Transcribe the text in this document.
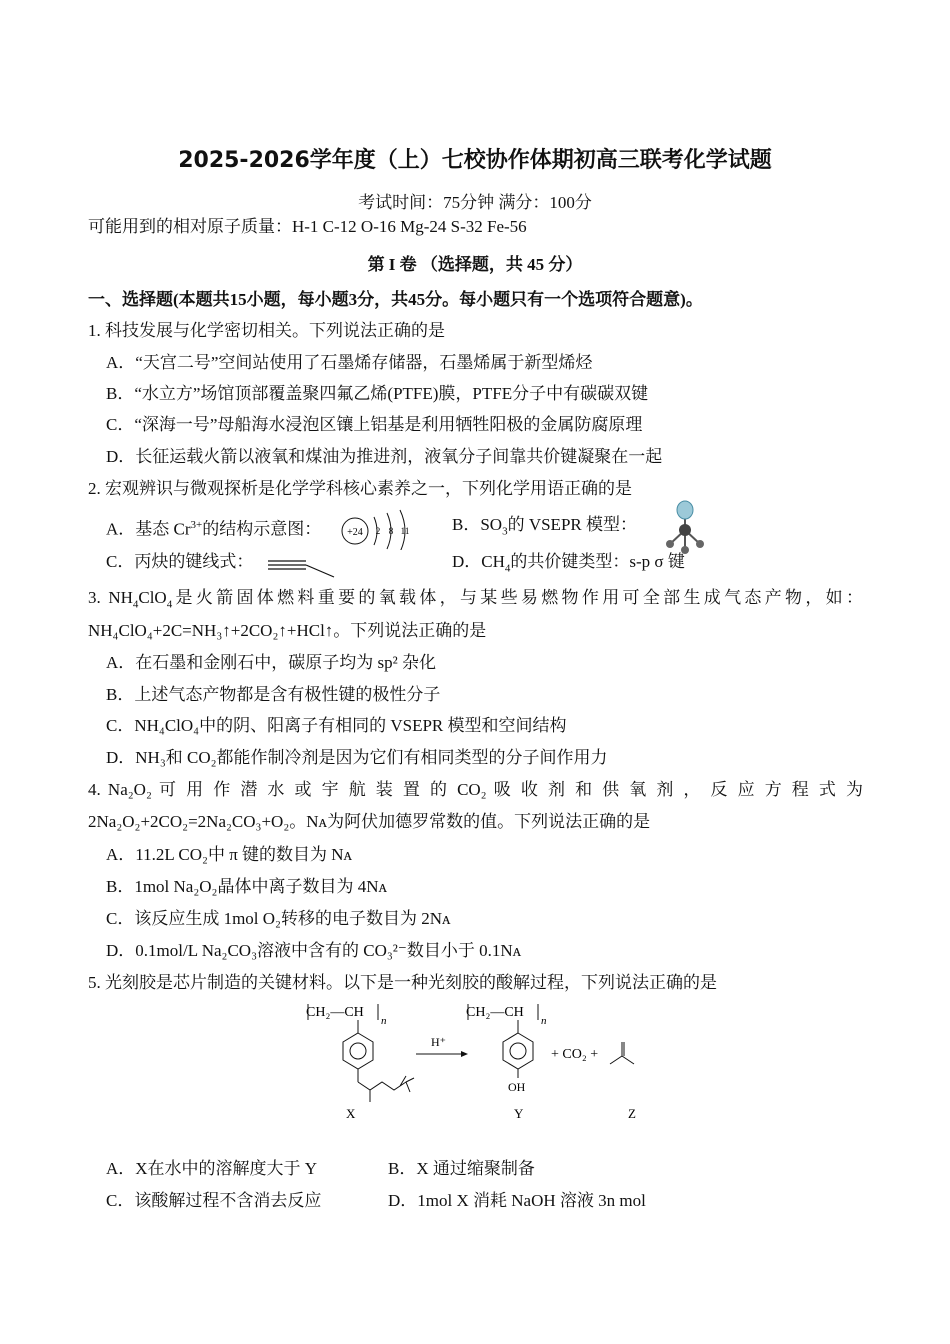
2025-2026学年度（上）七校协作体期初高三联考化学试题
考试时间：75分钟 满分：100分
可能用到的相对原子质量：H-1 C-12 O-16 Mg-24 S-32 Fe-56
第 I 卷 （选择题，共 45 分）
一、选择题(本题共15小题，每小题3分，共45分。每小题只有一个选项符合题意)。
1. 科技发展与化学密切相关。下列说法正确的是
A．“天宫二号”空间站使用了石墨烯存储器，石墨烯属于新型烯烃
B．“水立方”场馆顶部覆盖聚四氟乙烯(PTFE)膜，PTFE分子中有碳碳双键
C．“深海一号”母船海水浸泡区镶上铝基是利用牺牲阳极的金属防腐原理
D．长征运载火箭以液氧和煤油为推进剂，液氧分子间靠共价键凝聚在一起
2. 宏观辨识与微观探析是化学学科核心素养之一，下列化学用语正确的是
A．基态 $Cr^{3+}$的结构示意图：	+24 2 8 11	B．$SO_3$的 VSEPR 模型：
C．丙炔的键线式：	D．$CH_4$的共价键类型：s-p σ 键
3. $NH_4ClO_4$是火箭固体燃料重要的氧载体，与某些易燃物作用可全部生成气态产物，如：
NH₄ClO₄+2C=NH₃↑+2CO₂↑+HCl↑。下列说法正确的是
A．在石墨和金刚石中，碳原子均为 sp² 杂化
B．上述气态产物都是含有极性键的极性分子
C．NH₄ClO₄中的阴、阳离子有相同的 VSEPR 模型和空间结构
D．NH₃和 CO₂都能作制冷剂是因为它们有相同类型的分子间作用力
4. Na₂O₂ 可 用 作 潜 水 或 宇 航 装 置 的 CO₂ 吸 收 剂 和 供 氧 剂 ， 反 应 方 程 式 为
2Na₂O₂+2CO₂=2Na₂CO₃+O₂。Nᴀ为阿伏加德罗常数的值。下列说法正确的是
A．11.2L CO₂中 π 键的数目为 Nᴀ
B．1mol Na₂O₂晶体中离子数目为 4Nᴀ
C．该反应生成 1mol O₂转移的电子数目为 2Nᴀ
D．0.1mol/L Na₂CO₃溶液中含有的 CO₃²⁻数目小于 0.1Nᴀ
5. 光刻胶是芯片制造的关键材料。以下是一种光刻胶的酸解过程，下列说法正确的是
CH₂—CH
n
X
H⁺
CH₂—CH
n
OH
Y
+ CO₂ +
Z
A．X在水中的溶解度大于 Y	B．X 通过缩聚制备
C．该酸解过程不含消去反应	D．1mol X 消耗 NaOH 溶液 3n mol
